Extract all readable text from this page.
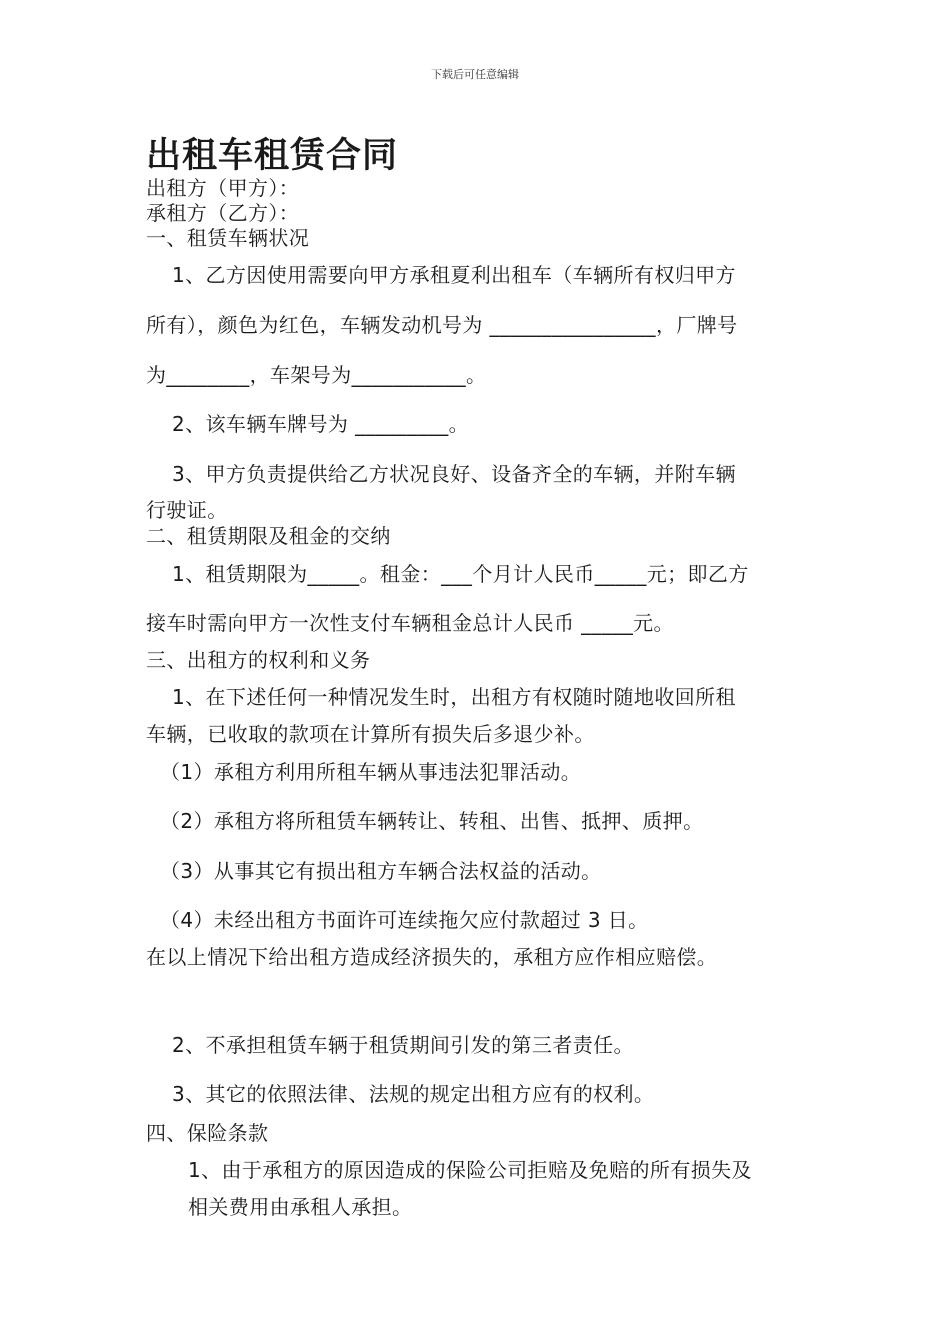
下载后可任意编辑
出租车租赁合同
出租方（甲方）：
承租方（乙方）：
一、租赁车辆状况
1、乙方因使用需要向甲方承租夏利出租车（车辆所有权归甲方
所有），颜色为红色，车辆发动机号为 ________________，厂牌号
为________，车架号为___________。
2、该车辆车牌号为 _________。
3、甲方负责提供给乙方状况良好、设备齐全的车辆，并附车辆
行驶证。
二、租赁期限及租金的交纳
1、租赁期限为_____。租金：___个月计人民币_____元；即乙方
接车时需向甲方一次性支付车辆租金总计人民币 _____元。
三、出租方的权利和义务
1、在下述任何一种情况发生时，出租方有权随时随地收回所租
车辆，已收取的款项在计算所有损失后多退少补。
（1）承租方利用所租车辆从事违法犯罪活动。
（2）承租方将所租赁车辆转让、转租、出售、抵押、质押。
（3）从事其它有损出租方车辆合法权益的活动。
（4）未经出租方书面许可连续拖欠应付款超过 3 日。
在以上情况下给出租方造成经济损失的，承租方应作相应赔偿。
2、不承担租赁车辆于租赁期间引发的第三者责任。
3、其它的依照法律、法规的规定出租方应有的权利。
四、保险条款
1、由于承租方的原因造成的保险公司拒赔及免赔的所有损失及
相关费用由承租人承担。
